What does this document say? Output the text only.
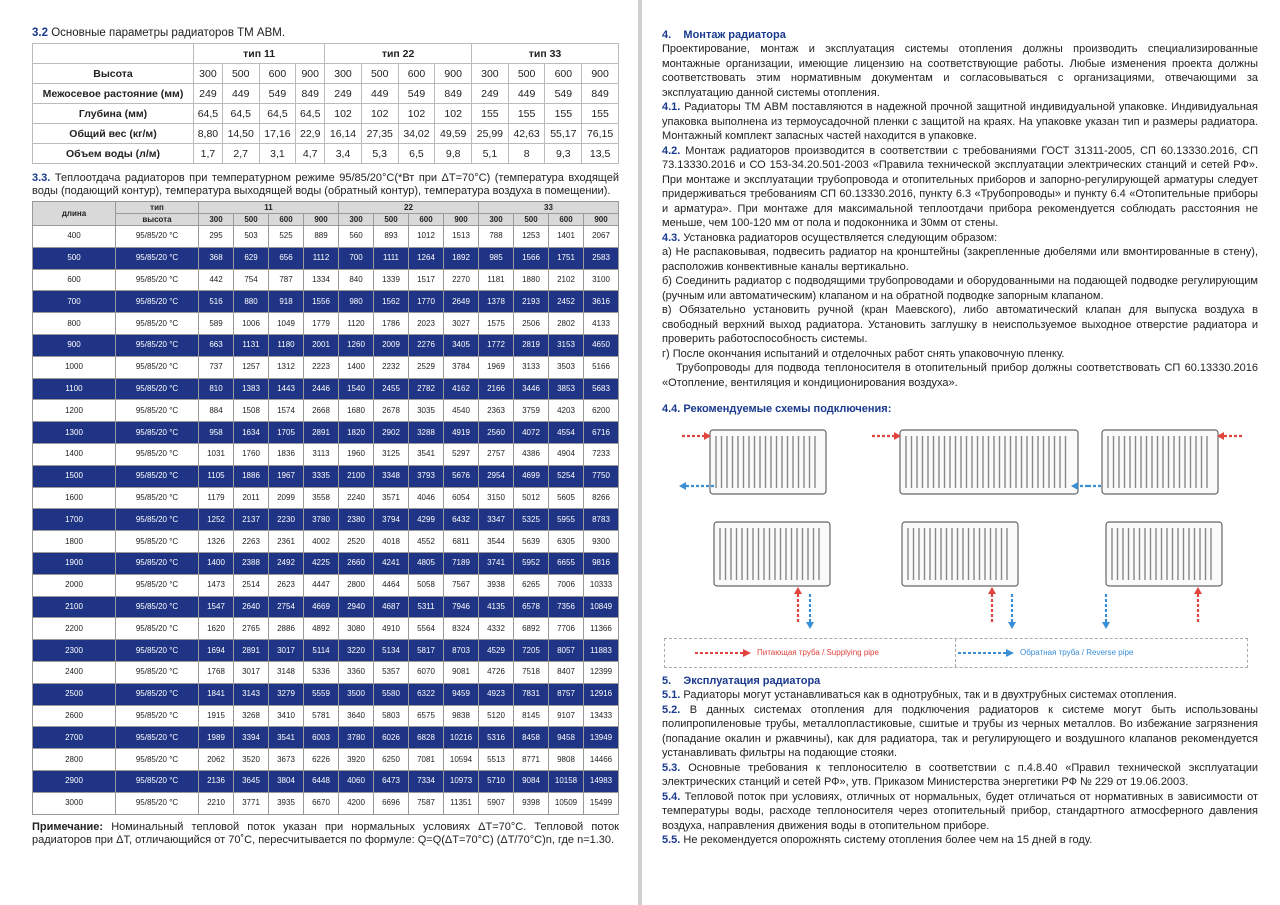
3.2 Основные параметры радиаторов ТМ АВМ.

	тип 11				тип 22				тип 33			
Высота	300	500	600	900	300	500	600	900	300	500	600	900
Межосевое растояние (мм)	249	449	549	849	249	449	549	849	249	449	549	849
Глубина (мм)	64,5	64,5	64,5	64,5	102	102	102	102	155	155	155	155
Общий вес (кг/м)	8,80	14,50	17,16	22,9	16,14	27,35	34,02	49,59	25,99	42,63	55,17	76,15
Объем воды (л/м)	1,7	2,7	3,1	4,7	3,4	5,3	6,5	9,8	5,1	8	9,3	13,5

3.3. Теплоотдача радиаторов при температурном режиме 95/85/20°С(*Вт при ΔТ=70°С) (температура входящей воды (подающий контур), температура выходящей воды (обратный контур), температура воздуха в помещении).

длина	тип	11				22				33			
	высота	300	500	600	900	300	500	600	900	300	500	600	900
400	95/85/20 °С	295	503	525	889	560	893	1012	1513	788	1253	1401	2067
500	95/85/20 °С	368	629	656	1112	700	1111	1264	1892	985	1566	1751	2583
600	95/85/20 °С	442	754	787	1334	840	1339	1517	2270	1181	1880	2102	3100
700	95/85/20 °С	516	880	918	1556	980	1562	1770	2649	1378	2193	2452	3616
800	95/85/20 °С	589	1006	1049	1779	1120	1786	2023	3027	1575	2506	2802	4133
900	95/85/20 °С	663	1131	1180	2001	1260	2009	2276	3405	1772	2819	3153	4650
1000	95/85/20 °С	737	1257	1312	2223	1400	2232	2529	3784	1969	3133	3503	5166
1100	95/85/20 °С	810	1383	1443	2446	1540	2455	2782	4162	2166	3446	3853	5683
1200	95/85/20 °С	884	1508	1574	2668	1680	2678	3035	4540	2363	3759	4203	6200
1300	95/85/20 °С	958	1634	1705	2891	1820	2902	3288	4919	2560	4072	4554	6716
1400	95/85/20 °С	1031	1760	1836	3113	1960	3125	3541	5297	2757	4386	4904	7233
1500	95/85/20 °С	1105	1886	1967	3335	2100	3348	3793	5676	2954	4699	5254	7750
1600	95/85/20 °С	1179	2011	2099	3558	2240	3571	4046	6054	3150	5012	5605	8266
1700	95/85/20 °С	1252	2137	2230	3780	2380	3794	4299	6432	3347	5325	5955	8783
1800	95/85/20 °С	1326	2263	2361	4002	2520	4018	4552	6811	3544	5639	6305	9300
1900	95/85/20 °С	1400	2388	2492	4225	2660	4241	4805	7189	3741	5952	6655	9816
2000	95/85/20 °С	1473	2514	2623	4447	2800	4464	5058	7567	3938	6265	7006	10333
2100	95/85/20 °С	1547	2640	2754	4669	2940	4687	5311	7946	4135	6578	7356	10849
2200	95/85/20 °С	1620	2765	2886	4892	3080	4910	5564	8324	4332	6892	7706	11366
2300	95/85/20 °С	1694	2891	3017	5114	3220	5134	5817	8703	4529	7205	8057	11883
2400	95/85/20 °С	1768	3017	3148	5336	3360	5357	6070	9081	4726	7518	8407	12399
2500	95/85/20 °С	1841	3143	3279	5559	3500	5580	6322	9459	4923	7831	8757	12916
2600	95/85/20 °С	1915	3268	3410	5781	3640	5803	6575	9838	5120	8145	9107	13433
2700	95/85/20 °С	1989	3394	3541	6003	3780	6026	6828	10216	5316	8458	9458	13949
2800	95/85/20 °С	2062	3520	3673	6226	3920	6250	7081	10594	5513	8771	9808	14466
2900	95/85/20 °С	2136	3645	3804	6448	4060	6473	7334	10973	5710	9084	10158	14983
3000	95/85/20 °С	2210	3771	3935	6670	4200	6696	7587	11351	5907	9398	10509	15499

Примечание: Номинальный тепловой поток указан при нормальных условиях ΔT=70°С. Тепловой поток радиаторов при ΔT, отличающийся от 70˚С, пересчитывается по формуле: Q=Q(ΔT=70°С) (ΔT/70°С)n, где n=1.30.

4. Монтаж радиатора

Проектирование, монтаж и эксплуатация системы отопления должны производить специализированные монтажные организации, имеющие лицензию на соответствующие работы. Любые изменения проекта должны соответствовать этим нормативным документам и согласовываться с организациями, отвечающими за эксплуатацию данной системы отопления.

4.1. Радиаторы ТМ АВМ поставляются в надежной прочной защитной индивидуальной упаковке. Индивидуальная упаковка выполнена из термоусадочной пленки с защитой на краях. На упаковке указан тип и размеры радиатора. Монтажный комплект запасных частей находится в упаковке.

4.2. Монтаж радиаторов производится в соответствии с требованиями ГОСТ 31311-2005, СП 60.13330.2016, СП 73.13330.2016 и СО 153-34.20.501-2003 «Правила технической эксплуатации электрических станций и сетей РФ». При монтаже и эксплуатации трубопровода и отопительных приборов и запорно-регулирующей арматуры следует придерживаться требованиям СП 60.13330.2016, пункту 6.3 «Трубопроводы» и пункту 6.4 «Отопительные приборы и арматура». При монтаже для максимальной теплоотдачи прибора рекомендуется соблюдать расстояния не меньше, чем 100-120 мм от пола и подоконника и 30мм от стены.

4.3. Установка радиаторов осуществляется следующим образом:

а) Не распаковывая, подвесить радиатор на кронштейны (закрепленные дюбелями или вмонтированные в стену), расположив конвективные каналы вертикально.

б) Соединить радиатор с подводящими трубопроводами и оборудованными на подающей подводке регулирующим (ручным или автоматическим) клапаном и на обратной подводке запорным клапаном.

в) Обязательно установить ручной (кран Маевского), либо автоматический клапан для выпуска воздуха в свободный верхний выход радиатора. Установить заглушку в неиспользуемое выходное отверстие радиатора и проверить работоспособность системы.

г) После окончания испытаний и отделочных работ снять упаковочную пленку.

Трубопроводы для подвода теплоносителя в отопительный прибор должны соответствовать СП 60.13330.2016 «Отопление, вентиляция и кондиционирования воздуха».

4.4. Рекомендуемые схемы подключения:

Питающая труба / Supplying pipe	Обратная труба / Reverse pipe

5. Эксплуатация радиатора

5.1. Радиаторы могут устанавливаться как в однотрубных, так и в двухтрубных системах отопления.

5.2. В данных системах отопления для подключения радиаторов к системе могут быть использованы полипропиленовые трубы, металлопластиковые, сшитые и трубы из черных металлов. Во избежание загрязнения (попадание окалин и ржавчины), как для радиатора, так и регулирующего и воздушного клапанов рекомендуется устанавливать фильтры на подающие стояки.

5.3. Основные требования к теплоносителю в соответствии с п.4.8.40 «Правил технической эксплуатации электрических станций и сетей РФ», утв. Приказом Министерства энергетики РФ № 229 от 19.06.2003.

5.4. Тепловой поток при условиях, отличных от нормальных, будет отличаться от нормативных в зависимости от температуры воды, расходе теплоносителя через отопительный прибор, стандартного атмосферного давления воздуха, направления движения воды в отопительном приборе.

5.5. Не рекомендуется опорожнять систему отопления более чем на 15 дней в году.
